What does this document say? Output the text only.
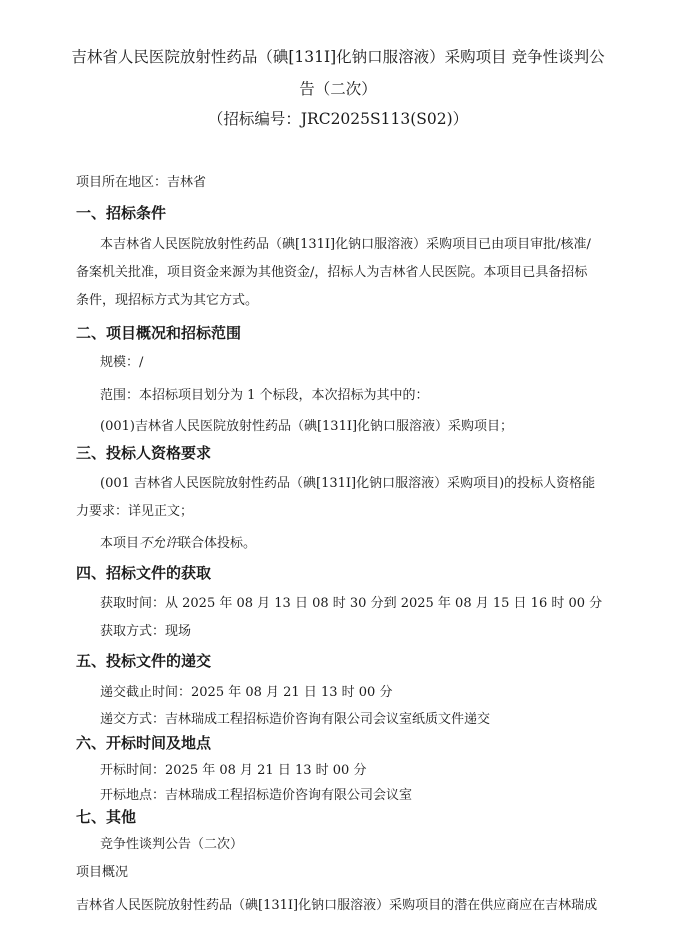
吉林省人民医院放射性药品（碘[131I]化钠口服溶液）采购项目 竞争性谈判公
告（二次）
（招标编号：JRC2025S113(S02)）
项目所在地区：吉林省
一、招标条件
本吉林省人民医院放射性药品（碘[131I]化钠口服溶液）采购项目已由项目审批/核准/
备案机关批准，项目资金来源为其他资金/，招标人为吉林省人民医院。本项目已具备招标
条件，现招标方式为其它方式。
二、项目概况和招标范围
规模：/
范围：本招标项目划分为 1 个标段，本次招标为其中的：
(001)吉林省人民医院放射性药品（碘[131I]化钠口服溶液）采购项目；
三、投标人资格要求
(001 吉林省人民医院放射性药品（碘[131I]化钠口服溶液）采购项目)的投标人资格能
力要求：详见正文；
本项目不允许联合体投标。
四、招标文件的获取
获取时间：从 2025 年 08 月 13 日 08 时 30 分到 2025 年 08 月 15 日 16 时 00 分
获取方式：现场
五、投标文件的递交
递交截止时间：2025 年 08 月 21 日 13 时 00 分
递交方式：吉林瑞成工程招标造价咨询有限公司会议室纸质文件递交
六、开标时间及地点
开标时间：2025 年 08 月 21 日 13 时 00 分
开标地点：吉林瑞成工程招标造价咨询有限公司会议室
七、其他
竞争性谈判公告（二次）
项目概况
吉林省人民医院放射性药品（碘[131I]化钠口服溶液）采购项目的潜在供应商应在吉林瑞成
